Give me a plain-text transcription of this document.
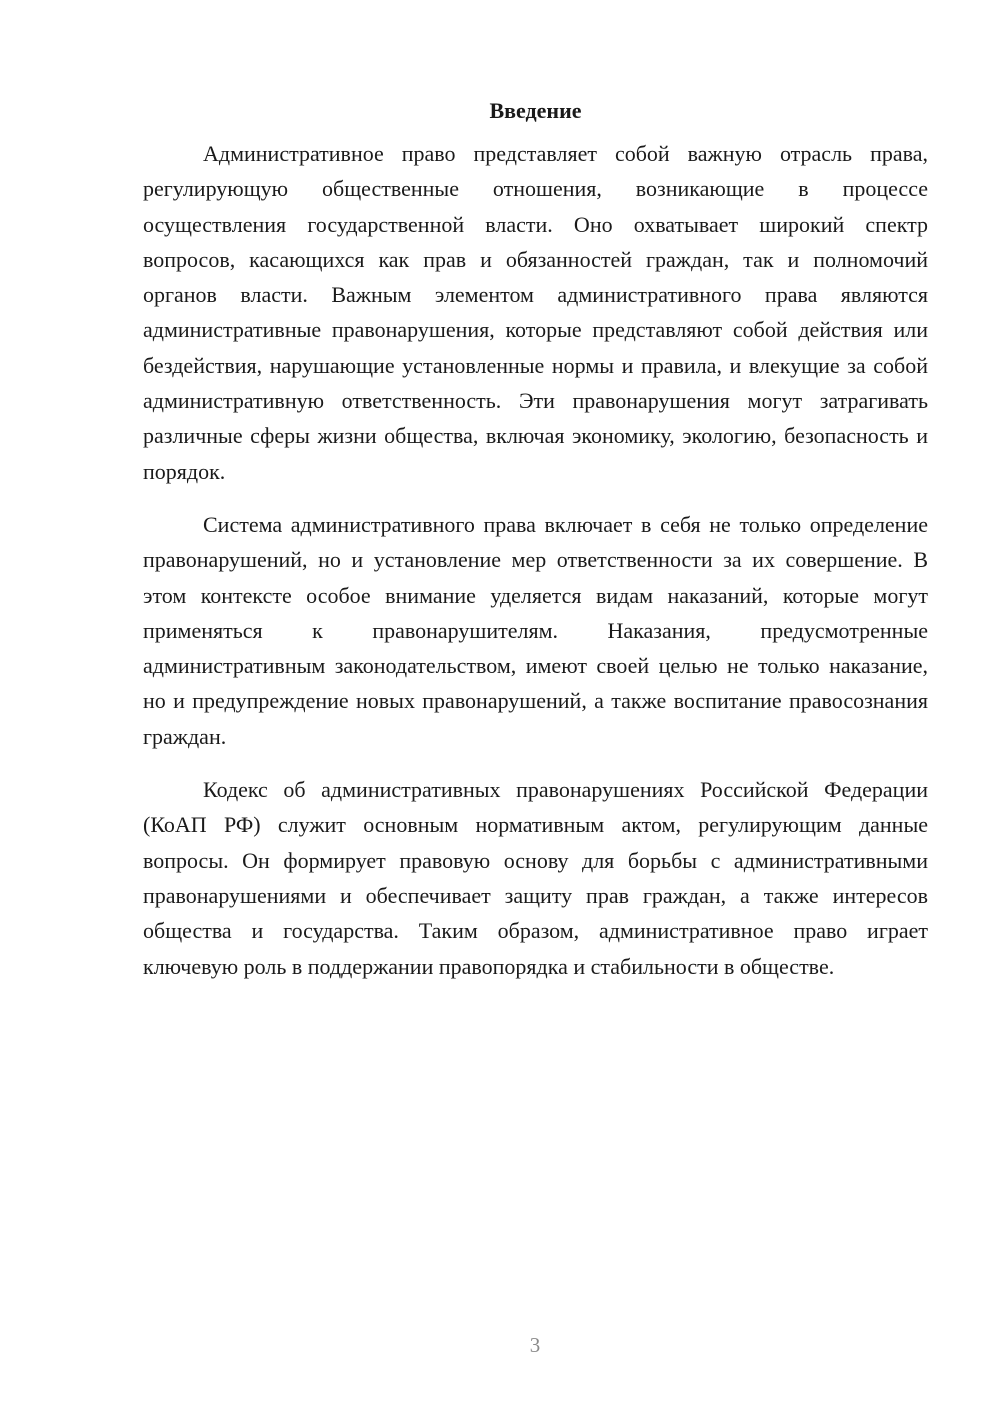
Введение

Административное право представляет собой важную отрасль права, регулирующую общественные отношения, возникающие в процессе осуществления государственной власти. Оно охватывает широкий спектр вопросов, касающихся как прав и обязанностей граждан, так и полномочий органов власти. Важным элементом административного права являются административные правонарушения, которые представляют собой действия или бездействия, нарушающие установленные нормы и правила, и влекущие за собой административную ответственность. Эти правонарушения могут затрагивать различные сферы жизни общества, включая экономику, экологию, безопасность и порядок.

Система административного права включает в себя не только определение правонарушений, но и установление мер ответственности за их совершение. В этом контексте особое внимание уделяется видам наказаний, которые могут применяться к правонарушителям. Наказания, предусмотренные административным законодательством, имеют своей целью не только наказание, но и предупреждение новых правонарушений, а также воспитание правосознания граждан.

Кодекс об административных правонарушениях Российской Федерации (КоАП РФ) служит основным нормативным актом, регулирующим данные вопросы. Он формирует правовую основу для борьбы с административными правонарушениями и обеспечивает защиту прав граждан, а также интересов общества и государства. Таким образом, административное право играет ключевую роль в поддержании правопорядка и стабильности в обществе.

3
